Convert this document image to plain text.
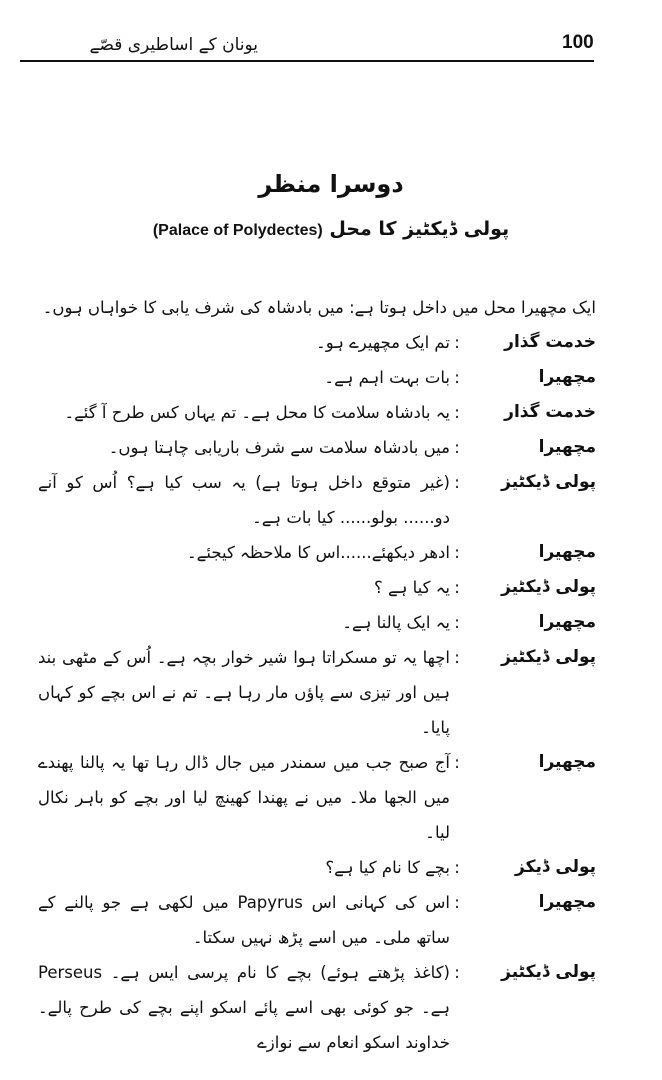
یونان کے اساطیری قصّے	100
دوسرا منظر
(Palace of Polydectes) پولی ڈیکٹیز کا محل
ایک مچھیرا محل میں داخل ہوتا ہے: میں بادشاہ کی شرف یابی کا خواہاں ہوں۔
خدمت گذار
:
تم ایک مچھیرے ہو۔
مچھیرا
:
بات بہت اہم ہے۔
خدمت گذار
:
یہ بادشاہ سلامت کا محل ہے۔ تم یہاں کس طرح آ گئے۔
مچھیرا
:
میں بادشاہ سلامت سے شرف باریابی چاہتا ہوں۔
پولی ڈیکٹیز
:
(غیر متوقع داخل ہوتا ہے) یہ سب کیا ہے؟ اُس کو آنے دو...... بولو...... کیا بات ہے۔
مچھیرا
:
ادھر دیکھئے......اس کا ملاحظہ کیجئے۔
پولی ڈیکٹیز
:
یہ کیا ہے ؟
مچھیرا
:
یہ ایک پالنا ہے۔
پولی ڈیکٹیز
:
اچھا یہ تو مسکراتا ہوا شیر خوار بچہ ہے۔ اُس کے مٹھی بند ہیں اور تیزی سے پاؤں مار رہا ہے۔ تم نے اس بچے کو کہاں پایا۔
مچھیرا
:
آج صبح جب میں سمندر میں جال ڈال رہا تھا یہ پالنا پھندے میں الجھا ملا۔ میں نے پھندا کھینچ لیا اور بچے کو باہر نکال لیا۔
پولی ڈیکز
:
بچے کا نام کیا ہے؟
مچھیرا
:
اس کی کہانی اس Papyrus میں لکھی ہے جو پالنے کے ساتھ ملی۔ میں اسے پڑھ نہیں سکتا۔
پولی ڈیکٹیز
:
(کاغذ پڑھتے ہوئے) بچے کا نام پرسی ایس ہے۔ Perseus ہے۔ جو کوئی بھی اسے پائے اسکو اپنے بچے کی طرح پالے۔ خداوند اسکو انعام سے نوازے
